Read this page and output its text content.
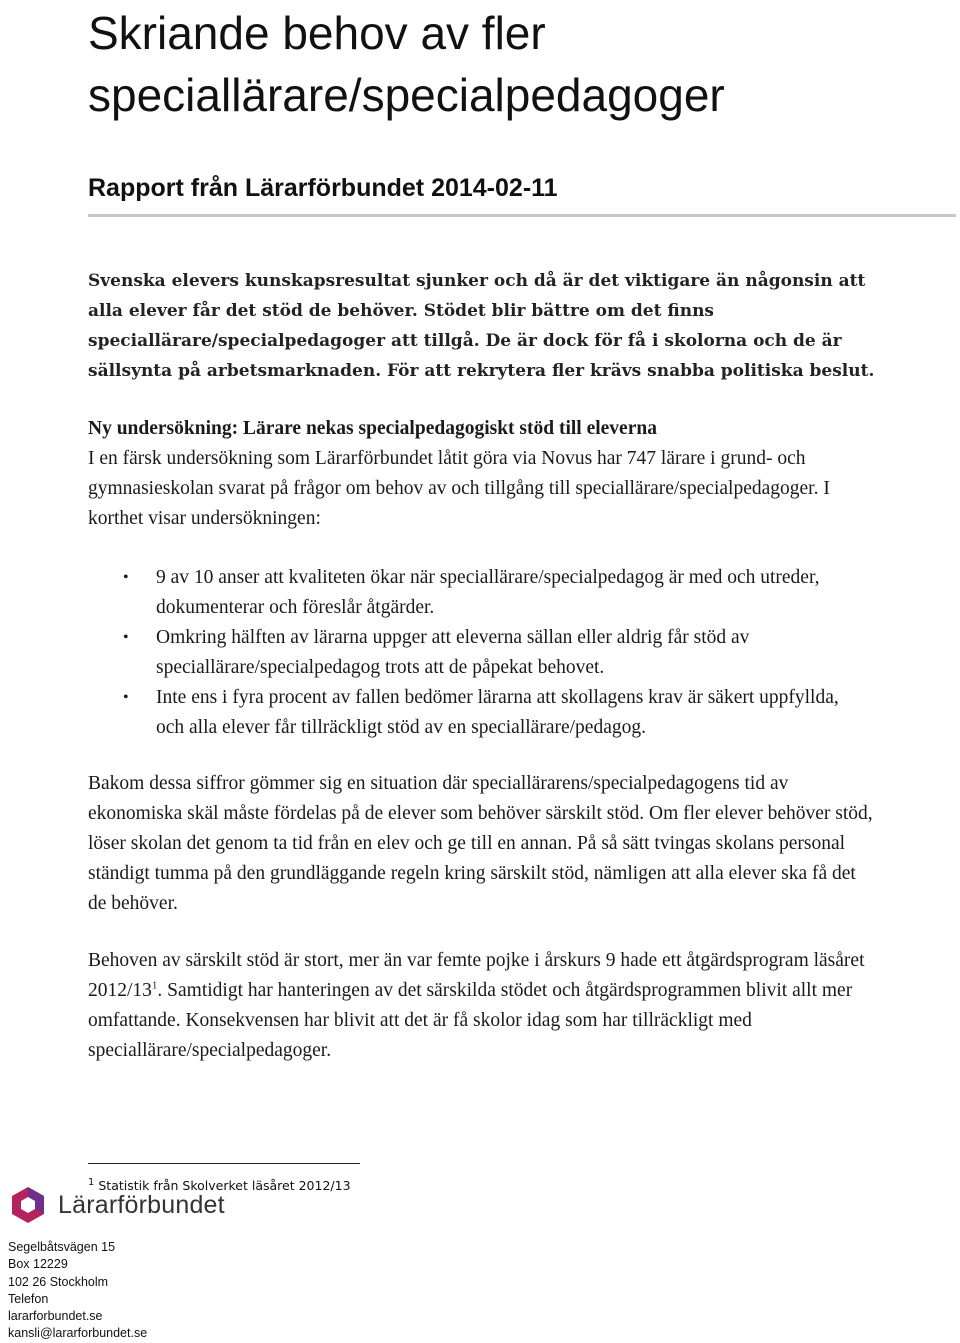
Skriande behov av fler speciallärare/specialpedagoger
Rapport från Lärarförbundet 2014-02-11

Svenska elevers kunskapsresultat sjunker och då är det viktigare än någonsin att alla elever får det stöd de behöver. Stödet blir bättre om det finns speciallärare/specialpedagoger att tillgå. De är dock för få i skolorna och de är sällsynta på arbetsmarknaden. För att rekrytera fler krävs snabba politiska beslut.

Ny undersökning: Lärare nekas specialpedagogiskt stöd till eleverna

I en färsk undersökning som Lärarförbundet låtit göra via Novus har 747 lärare i grund- och gymnasieskolan svarat på frågor om behov av och tillgång till speciallärare/specialpedagoger. I korthet visar undersökningen:

• 9 av 10 anser att kvaliteten ökar när speciallärare/specialpedagog är med och utreder, dokumenterar och föreslår åtgärder.
• Omkring hälften av lärarna uppger att eleverna sällan eller aldrig får stöd av speciallärare/specialpedagog trots att de påpekat behovet.
• Inte ens i fyra procent av fallen bedömer lärarna att skollagens krav är säkert uppfyllda, och alla elever får tillräckligt stöd av en speciallärare/pedagog.

Bakom dessa siffror gömmer sig en situation där speciallärarens/specialpedagogens tid av ekonomiska skäl måste fördelas på de elever som behöver särskilt stöd. Om fler elever behöver stöd, löser skolan det genom ta tid från en elev och ge till en annan. På så sätt tvingas skolans personal ständigt tumma på den grundläggande regeln kring särskilt stöd, nämligen att alla elever ska få det de behöver.

Behoven av särskilt stöd är stort, mer än var femte pojke i årskurs 9 hade ett åtgärdsprogram läsåret $2012/13^1$. Samtidigt har hanteringen av det särskilda stödet och åtgärdsprogrammen blivit allt mer omfattande. Konsekvensen har blivit att det är få skolor idag som har tillräckligt med speciallärare/specialpedagoger.

$^1$ Statistik från Skolverket läsåret 2012/13

Lärarförbundet

Segelbåtsvägen 15
Box 12229
102 26 Stockholm
Telefon
lararforbundet.se
kansli@lararforbundet.se
